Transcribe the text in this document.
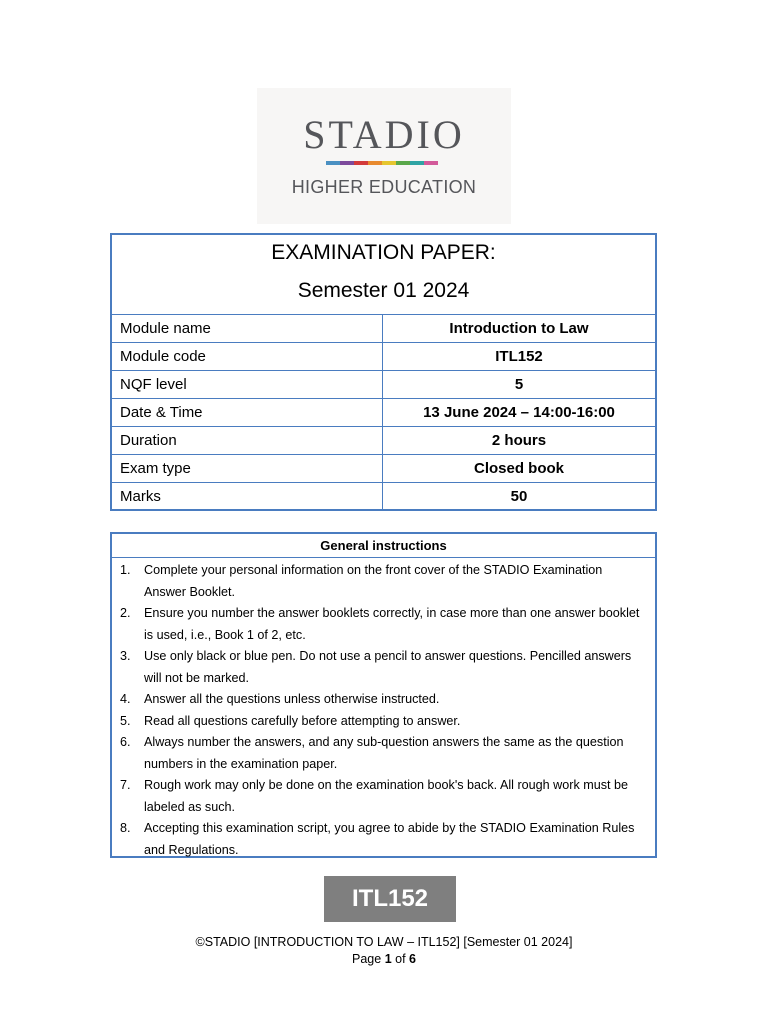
STADIO
HIGHER EDUCATION
EXAMINATION PAPER:
Semester 01 2024
Module name	Introduction to Law
Module code	ITL152
NQF level	5
Date & Time	13 June 2024 – 14:00-16:00
Duration	2 hours
Exam type	Closed book
Marks	50
General instructions
1.	Complete your personal information on the front cover of the STADIO Examination Answer Booklet.
2.	Ensure you number the answer booklets correctly, in case more than one answer booklet is used, i.e., Book 1 of 2, etc.
3.	Use only black or blue pen. Do not use a pencil to answer questions. Pencilled answers will not be marked.
4.	Answer all the questions unless otherwise instructed.
5.	Read all questions carefully before attempting to answer.
6.	Always number the answers, and any sub-question answers the same as the question numbers in the examination paper.
7.	Rough work may only be done on the examination book's back. All rough work must be labeled as such.
8.	Accepting this examination script, you agree to abide by the STADIO Examination Rules and Regulations.
ITL152
©STADIO [INTRODUCTION TO LAW – ITL152] [Semester 01 2024]
Page 1 of 6
